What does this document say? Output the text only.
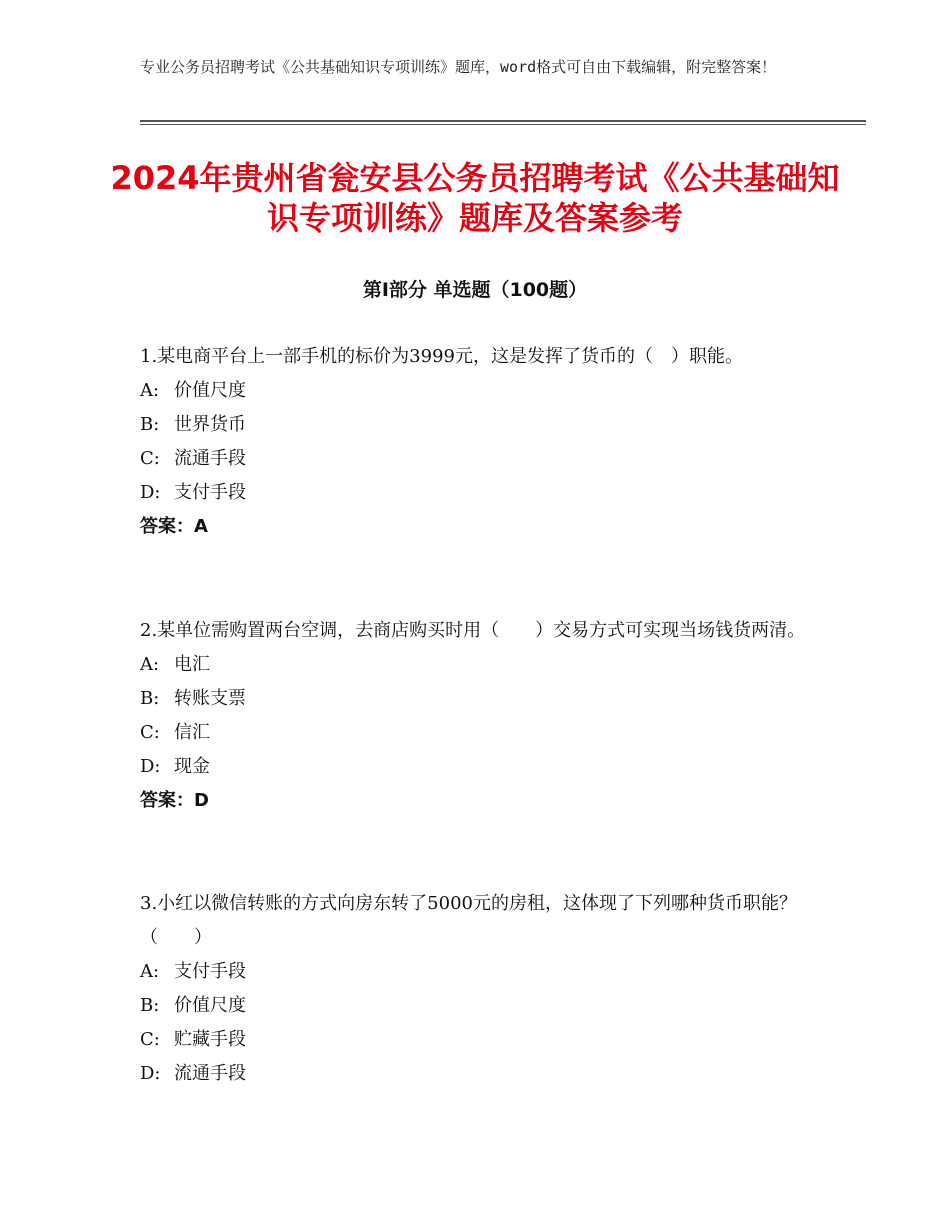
专业公务员招聘考试《公共基础知识专项训练》题库，word格式可自由下载编辑，附完整答案！
2024年贵州省瓮安县公务员招聘考试《公共基础知识专项训练》题库及答案参考
第Ⅰ部分 单选题（100题）
1.某电商平台上一部手机的标价为3999元，这是发挥了货币的（　）职能。
A: 价值尺度
B: 世界货币
C: 流通手段
D: 支付手段
答案：A
2.某单位需购置两台空调，去商店购买时用（　　）交易方式可实现当场钱货两清。
A: 电汇
B: 转账支票
C: 信汇
D: 现金
答案：D
3.小红以微信转账的方式向房东转了5000元的房租，这体现了下列哪种货币职能？（　　）
A: 支付手段
B: 价值尺度
C: 贮藏手段
D: 流通手段
